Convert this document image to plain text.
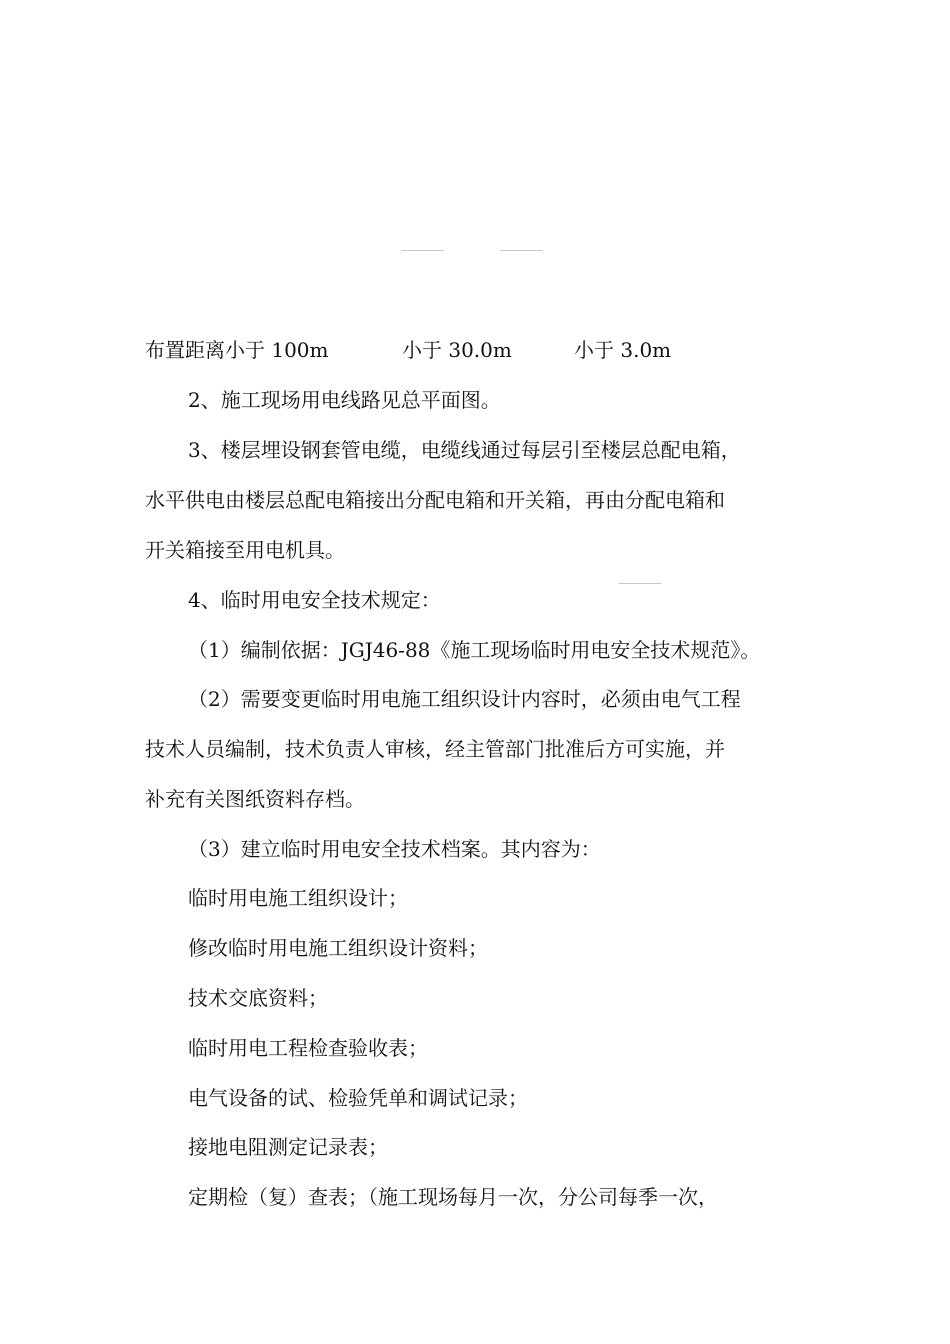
布置距离小于 100m	小于 30.0m	小于 3.0m
2、施工现场用电线路见总平面图。
3、楼层埋设钢套管电缆，电缆线通过每层引至楼层总配电箱，
水平供电由楼层总配电箱接出分配电箱和开关箱，再由分配电箱和
开关箱接至用电机具。
4、临时用电安全技术规定：
（1）编制依据：JGJ46-88《施工现场临时用电安全技术规范》。
（2）需要变更临时用电施工组织设计内容时，必须由电气工程
技术人员编制，技术负责人审核，经主管部门批准后方可实施，并
补充有关图纸资料存档。
（3）建立临时用电安全技术档案。其内容为：
临时用电施工组织设计；
修改临时用电施工组织设计资料；
技术交底资料；
临时用电工程检查验收表；
电气设备的试、检验凭单和调试记录；
接地电阻测定记录表；
定期检（复）查表；（施工现场每月一次，分公司每季一次，
